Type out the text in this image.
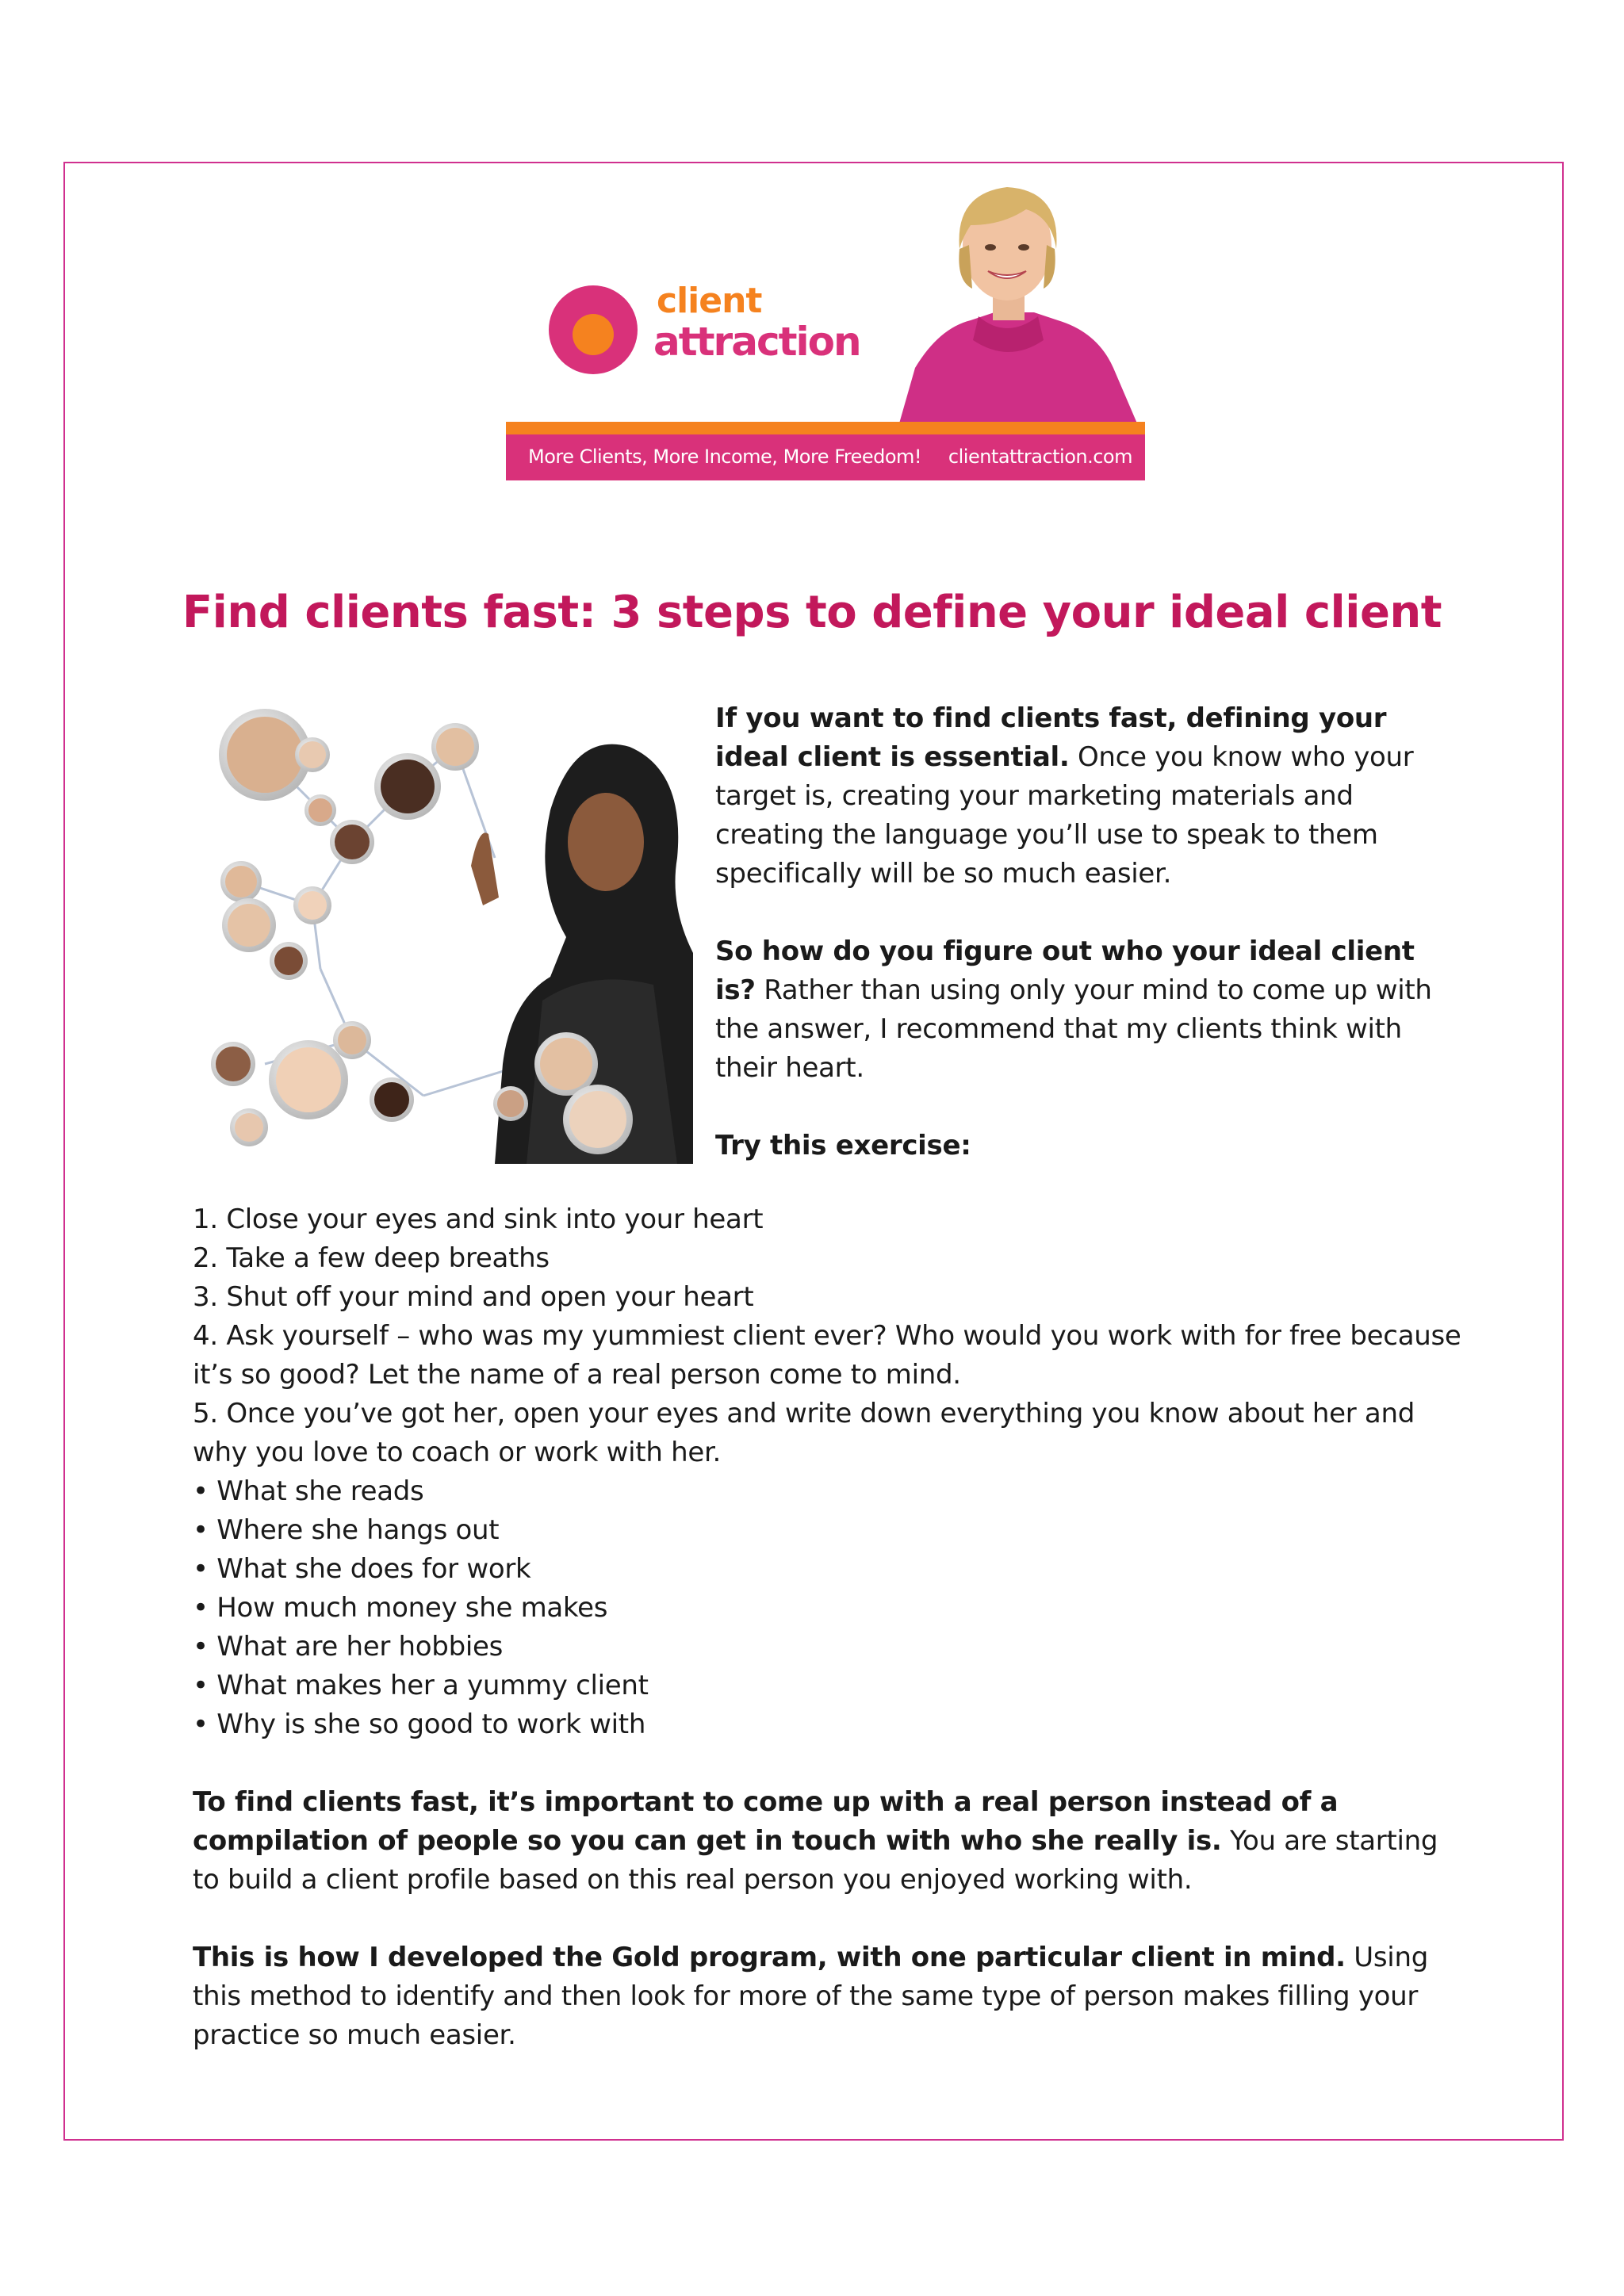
client
attraction
More Clients, More Income, More Freedom! clientattraction.com
Find clients fast: 3 steps to define your ideal client

If you want to find clients fast, defining your ideal client is essential. Once you know who your target is, creating your marketing materials and creating the language you’ll use to speak to them specifically will be so much easier.

So how do you figure out who your ideal client is? Rather than using only your mind to come up with the answer, I recommend that my clients think with their heart.

Try this exercise:

1. Close your eyes and sink into your heart
2. Take a few deep breaths
3. Shut off your mind and open your heart
4. Ask yourself – who was my yummiest client ever? Who would you work with for free because it’s so good? Let the name of a real person come to mind.
5. Once you’ve got her, open your eyes and write down everything you know about her and why you love to coach or work with her.
• What she reads
• Where she hangs out
• What she does for work
• How much money she makes
• What are her hobbies
• What makes her a yummy client
• Why is she so good to work with

To find clients fast, it’s important to come up with a real person instead of a compilation of people so you can get in touch with who she really is. You are starting to build a client profile based on this real person you enjoyed working with.

This is how I developed the Gold program, with one particular client in mind. Using this method to identify and then look for more of the same type of person makes filling your practice so much easier.
